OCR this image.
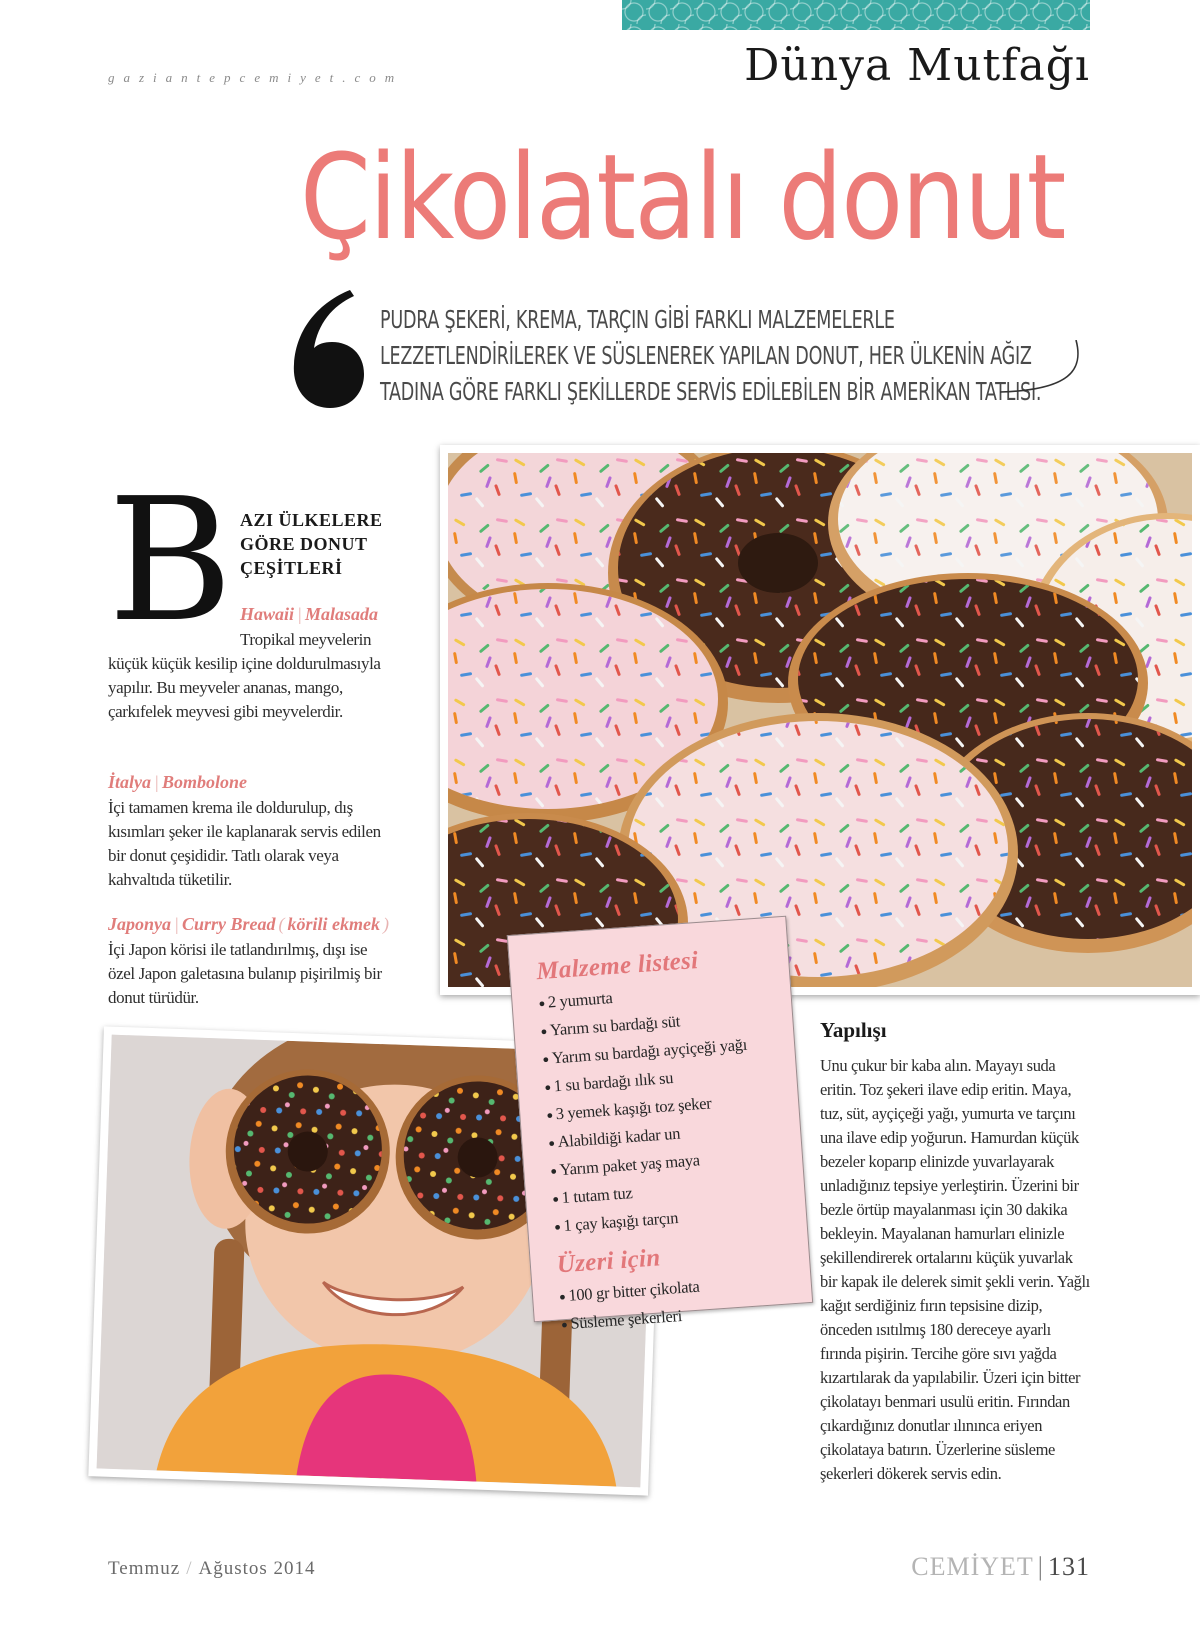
gaziantepcemiyet.com	Dünya Mutfağı
Çikolatalı donut

PUDRA ŞEKERİ, KREMA, TARÇIN GİBİ FARKLI MALZEMELERLE LEZZETLENDİRİLEREK VE SÜSLENEREK YAPILAN DONUT, HER ÜLKENİN AĞIZ TADINA GÖRE FARKLI ŞEKİLLERDE SERVİS EDİLEBİLEN BİR AMERİKAN TATLISI.

B AZI ÜLKELERE GÖRE DONUT ÇEŞİTLERİ
Hawaii | Malasada

Tropikal meyvelerin küçük küçük kesilip içine doldurulmasıyla yapılır. Bu meyveler ananas, mango, çarkıfelek meyvesi gibi meyvelerdir.

İtalya | Bombolone

İçi tamamen krema ile doldurulup, dış kısımları şeker ile kaplanarak servis edilen bir donut çeşididir. Tatlı olarak veya kahvaltıda tüketilir.

Japonya | Curry Bread ( körili ekmek )

İçi Japon körisi ile tatlandırılmış, dışı ise özel Japon galetasına bulanıp pişirilmiş bir donut türüdür.

Malzeme listesi
● 2 yumurta
● Yarım su bardağı süt
● Yarım su bardağı ayçiçeği yağı
● 1 su bardağı ılık su
● 3 yemek kaşığı toz şeker
● Alabildiği kadar un
● Yarım paket yaş maya
● 1 tutam tuz
● 1 çay kaşığı tarçın
Üzeri için
● 100 gr bitter çikolata
● Süsleme şekerleri
Yapılışı

Unu çukur bir kaba alın. Mayayı suda eritin. Toz şekeri ilave edip eritin. Maya, tuz, süt, ayçiçeği yağı, yumurta ve tarçını una ilave edip yoğurun. Hamurdan küçük bezeler koparıp elinizde yuvarlayarak unladığınız tepsiye yerleştirin. Üzerini bir bezle örtüp mayalanması için 30 dakika bekleyin. Mayalanan hamurları elinizle şekillendirerek ortalarını küçük yuvarlak bir kapak ile delerek simit şekli verin. Yağlı kağıt serdiğiniz fırın tepsisine dizip, önceden ısıtılmış 180 dereceye ayarlı fırında pişirin. Tercihe göre sıvı yağda kızartılarak da yapılabilir. Üzeri için bitter çikolatayı benmari usulü eritin. Fırından çıkardığınız donutlar ılınınca eriyen çikolataya batırın. Üzerlerine süsleme şekerleri dökerek servis edin.

Temmuz / Ağustos 2014	CEMİYET | 131
